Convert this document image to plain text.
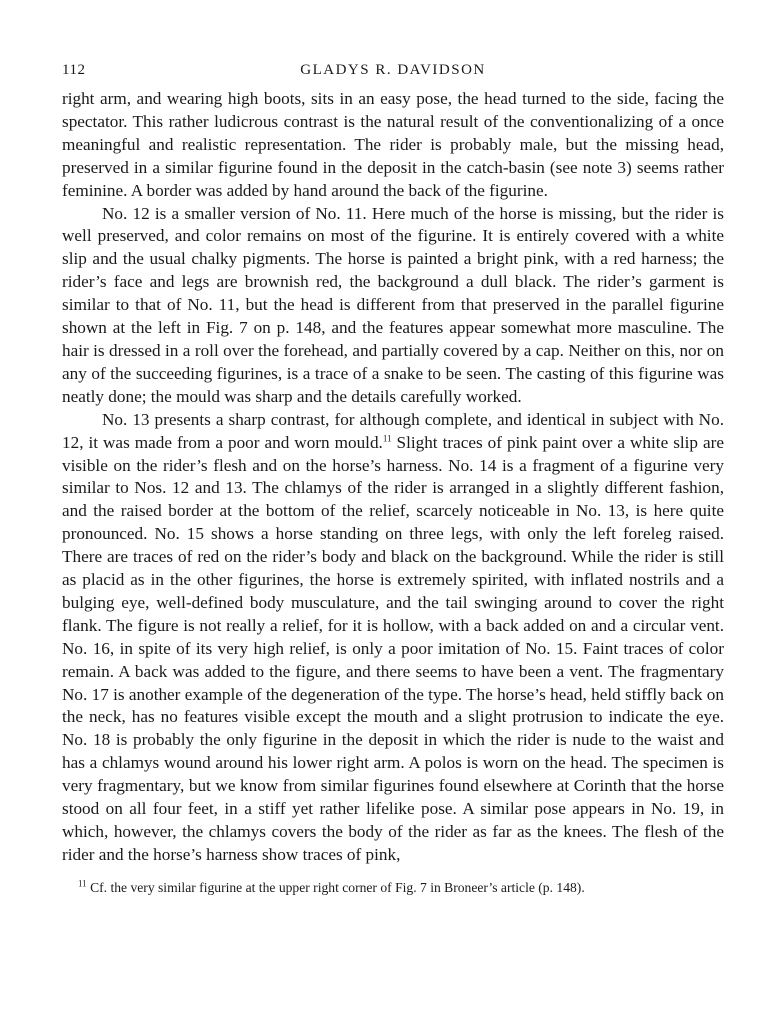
112	GLADYS R. DAVIDSON

right arm, and wearing high boots, sits in an easy pose, the head turned to the side, facing the spectator. This rather ludicrous contrast is the natural result of the conventionalizing of a once meaningful and realistic representation. The rider is probably male, but the missing head, preserved in a similar figurine found in the deposit in the catch-basin (see note 3) seems rather feminine. A border was added by hand around the back of the figurine.

No. 12 is a smaller version of No. 11. Here much of the horse is missing, but the rider is well preserved, and color remains on most of the figurine. It is entirely covered with a white slip and the usual chalky pigments. The horse is painted a bright pink, with a red harness; the rider’s face and legs are brownish red, the background a dull black. The rider’s garment is similar to that of No. 11, but the head is different from that preserved in the parallel figurine shown at the left in Fig. 7 on p. 148, and the features appear somewhat more masculine. The hair is dressed in a roll over the forehead, and partially covered by a cap. Neither on this, nor on any of the succeeding figurines, is a trace of a snake to be seen. The casting of this figurine was neatly done; the mould was sharp and the details carefully worked.

No. 13 presents a sharp contrast, for although complete, and identical in subject with No. 12, it was made from a poor and worn mould.$^{11}$ Slight traces of pink paint over a white slip are visible on the rider’s flesh and on the horse’s harness. No. 14 is a fragment of a figurine very similar to Nos. 12 and 13. The chlamys of the rider is arranged in a slightly different fashion, and the raised border at the bottom of the relief, scarcely noticeable in No. 13, is here quite pronounced. No. 15 shows a horse standing on three legs, with only the left foreleg raised. There are traces of red on the rider’s body and black on the background. While the rider is still as placid as in the other figurines, the horse is extremely spirited, with inflated nostrils and a bulging eye, well-defined body musculature, and the tail swinging around to cover the right flank. The figure is not really a relief, for it is hollow, with a back added on and a circular vent. No. 16, in spite of its very high relief, is only a poor imitation of No. 15. Faint traces of color remain. A back was added to the figure, and there seems to have been a vent. The fragmentary No. 17 is another example of the degeneration of the type. The horse’s head, held stiffly back on the neck, has no features visible except the mouth and a slight protrusion to indicate the eye. No. 18 is probably the only figurine in the deposit in which the rider is nude to the waist and has a chlamys wound around his lower right arm. A polos is worn on the head. The specimen is very fragmentary, but we know from similar figurines found elsewhere at Corinth that the horse stood on all four feet, in a stiff yet rather lifelike pose. A similar pose appears in No. 19, in which, however, the chlamys covers the body of the rider as far as the knees. The flesh of the rider and the horse’s harness show traces of pink,

$^{11}$ Cf. the very similar figurine at the upper right corner of Fig. 7 in Broneer’s article (p. 148).
